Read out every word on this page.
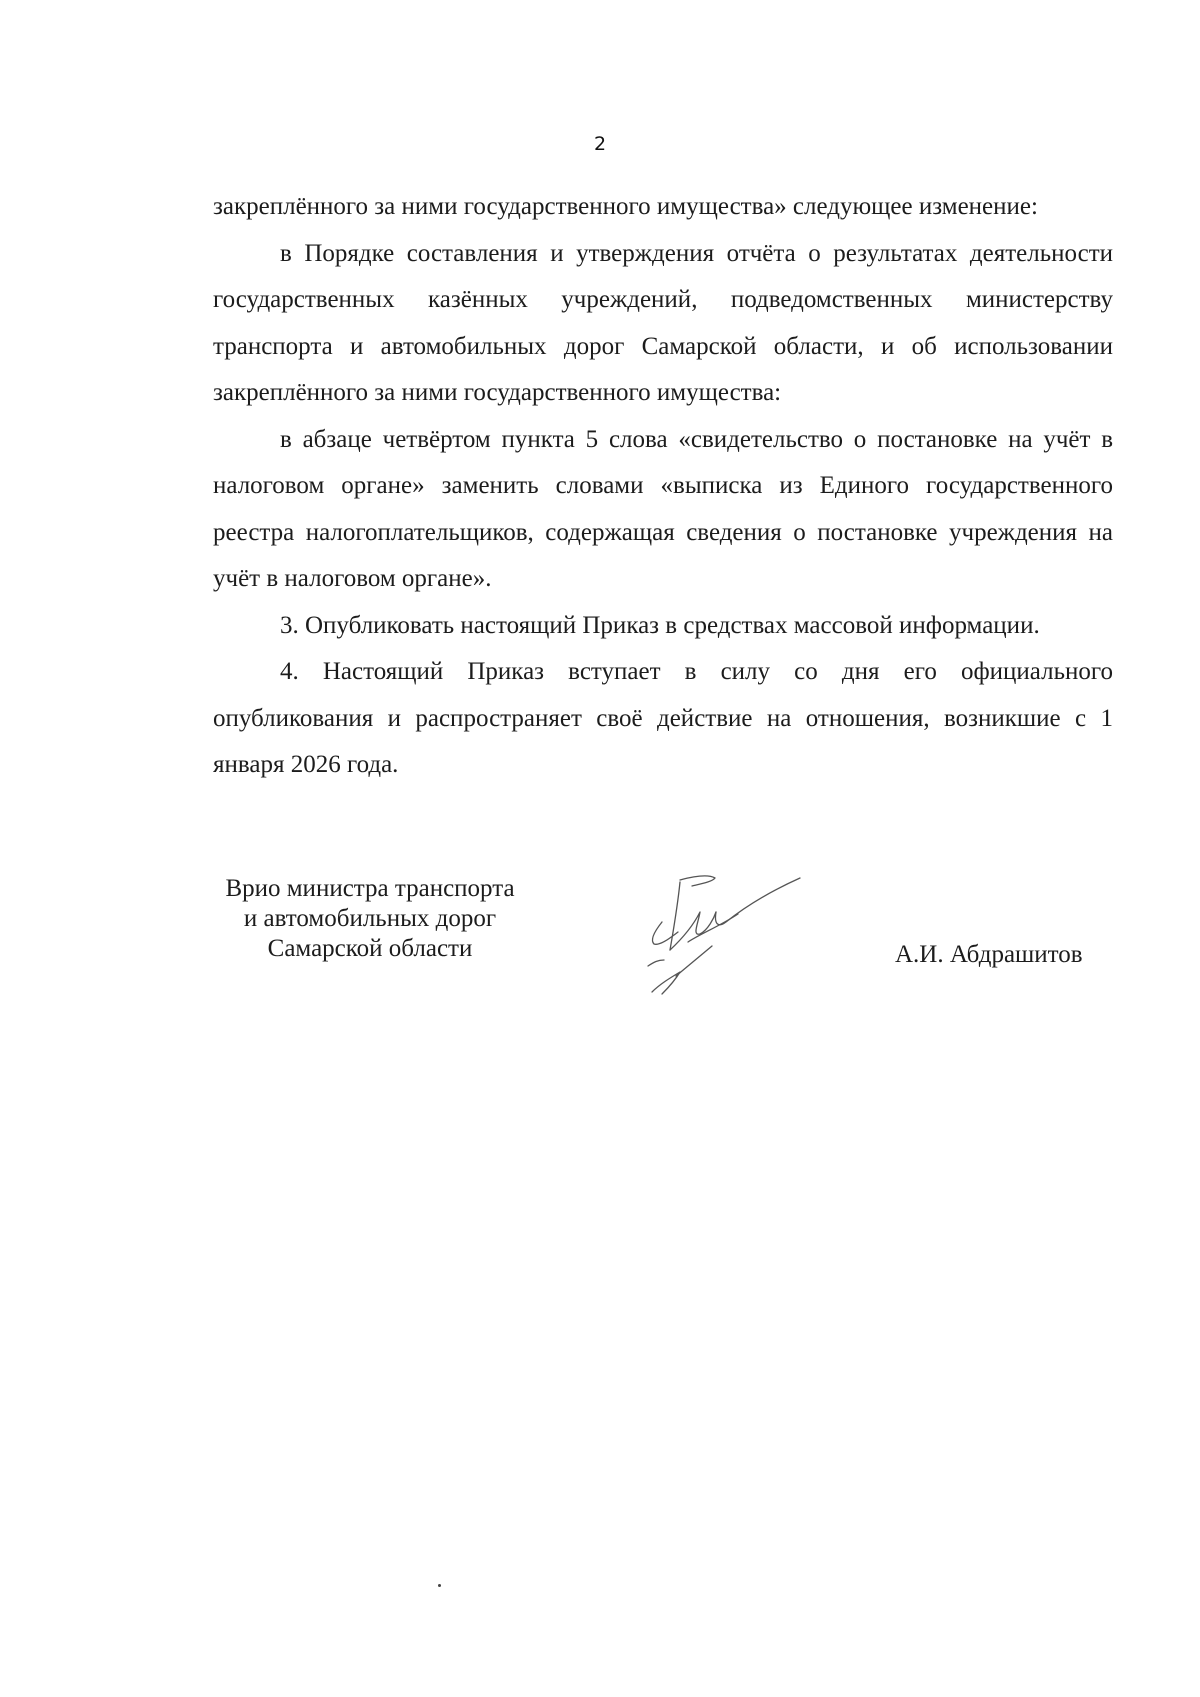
2

закреплённого за ними государственного имущества» следующее изменение:

в Порядке составления и утверждения отчёта о результатах деятельности государственных казённых учреждений, подведомственных министерству транспорта и автомобильных дорог Самарской области, и об использовании закреплённого за ними государственного имущества:

в абзаце четвёртом пункта 5 слова «свидетельство о постановке на учёт в налоговом органе» заменить словами «выписка из Единого государственного реестра налогоплательщиков, содержащая сведения о постановке учреждения на учёт в налоговом органе».

3. Опубликовать настоящий Приказ в средствах массовой информации.

4. Настоящий Приказ вступает в силу со дня его официального опубликования и распространяет своё действие на отношения, возникшие с 1 января 2026 года.

Врио министра транспорта
и автомобильных дорог
Самарской области	А.И. Абдрашитов
